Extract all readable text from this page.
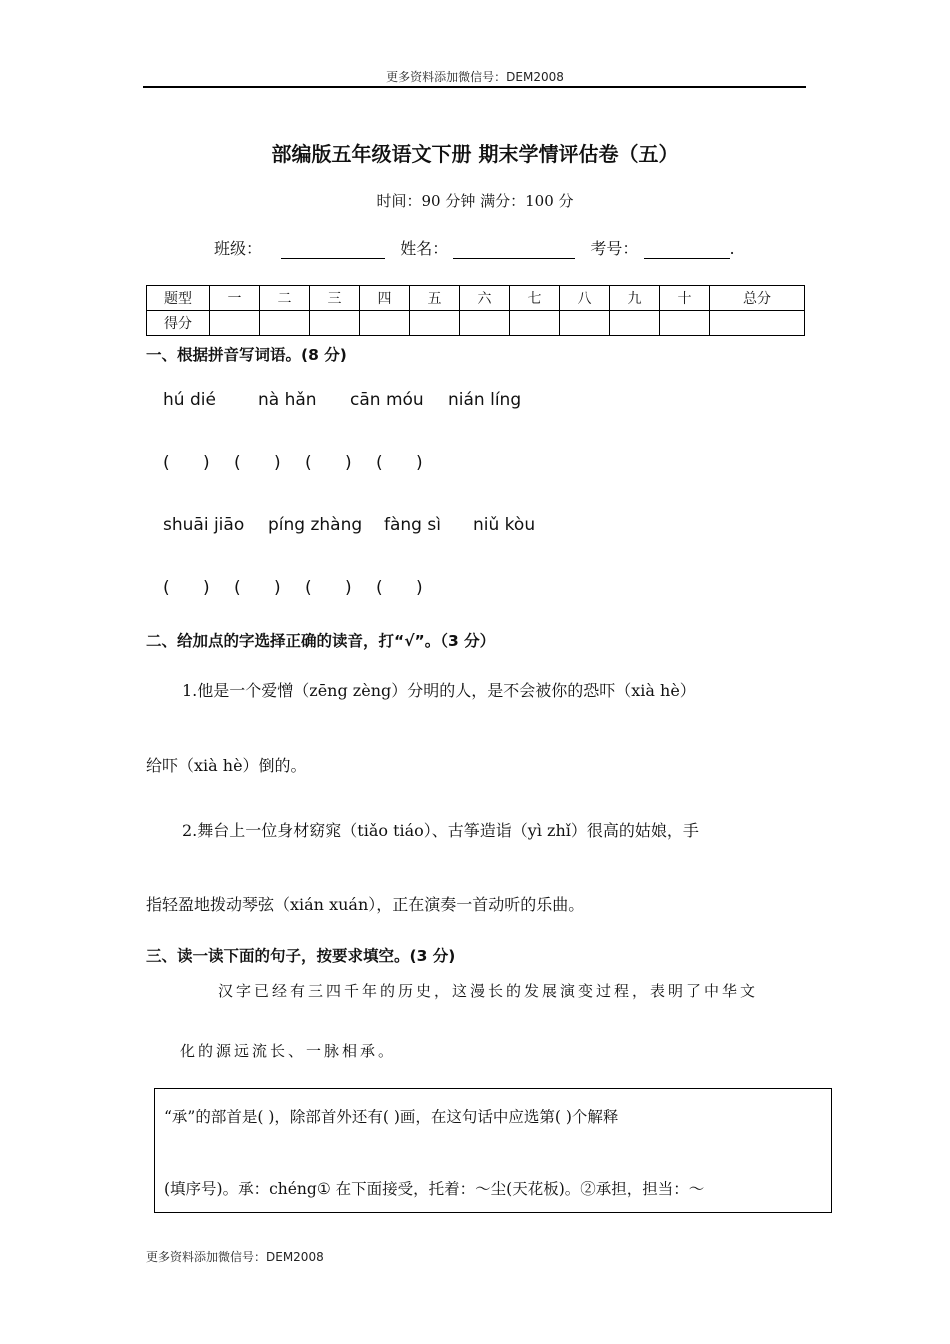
更多资料添加微信号：DEM2008
部编版五年级语文下册 期末学情评估卷（五）
时间：90 分钟 满分：100 分
班级：	姓名：	考号：	.
题型	一	二	三	四	五	六	七	八	九	十	总分
得分											
一、根据拼音写词语。(8 分)
hú dié nà hǎn cān móu nián líng
( ) ( ) ( ) ( )
shuāi jiāo píng zhàng fàng sì niǔ kòu
( ) ( ) ( ) ( )
二、给加点的字选择正确的读音，打“√”。（3 分）
1.他是一个爱憎（zēng zèng）分明的人，是不会被你的恐吓（xià hè）
给吓（xià hè）倒的。
2.舞台上一位身材窈窕（tiǎo tiáo）、古筝造诣（yì zhǐ）很高的姑娘，手
指轻盈地拨动琴弦（xián xuán），正在演奏一首动听的乐曲。
三、读一读下面的句子，按要求填空。(3 分)
汉字已经有三四千年的历史，这漫长的发展演变过程，表明了中华文
化的源远流长、一脉相承。
“承”的部首是( )，除部首外还有( )画，在这句话中应选第( )个解释
(填序号)。承：chéng① 在下面接受，托着：～尘(天花板)。②承担，担当：～
更多资料添加微信号：DEM2008
